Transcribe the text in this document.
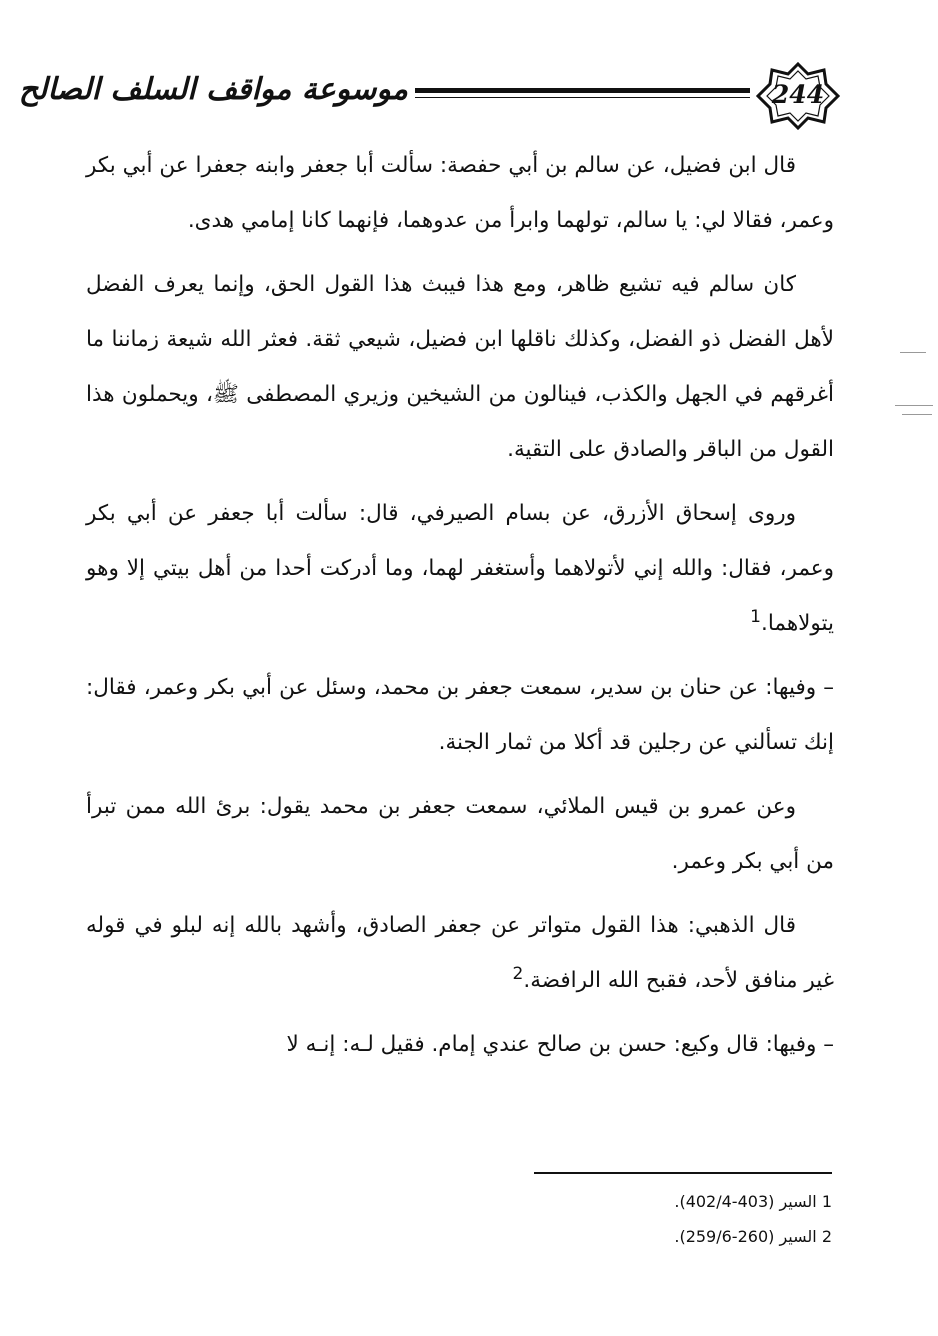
موسوعة مواقف السلف الصالح	244

قال ابن فضيل، عن سالم بن أبي حفصة: سألت أبا جعفر وابنه جعفرا عن أبي بكر وعمر، فقالا لي: يا سالم، تولهما وابرأ من عدوهما، فإنهما كانا إمامي هدى.

كان سالم فيه تشيع ظاهر، ومع هذا فيبث هذا القول الحق، وإنما يعرف الفضل لأهل الفضل ذو الفضل، وكذلك ناقلها ابن فضيل، شيعي ثقة. فعثر الله شيعة زماننا ما أغرقهم في الجهل والكذب، فينالون من الشيخين وزيري المصطفى ﷺ، ويحملون هذا القول من الباقر والصادق على التقية.

وروى إسحاق الأزرق، عن بسام الصيرفي، قال: سألت أبا جعفر عن أبي بكر وعمر، فقال: والله إني لأتولاهما وأستغفر لهما، وما أدركت أحدا من أهل بيتي إلا وهو يتولاهما.$^1$

– وفيها: عن حنان بن سدير، سمعت جعفر بن محمد، وسئل عن أبي بكر وعمر، فقال: إنك تسألني عن رجلين قد أكلا من ثمار الجنة.

وعن عمرو بن قيس الملائي، سمعت جعفر بن محمد يقول: برئ الله ممن تبرأ من أبي بكر وعمر.

قال الذهبي: هذا القول متواتر عن جعفر الصادق، وأشهد بالله إنه لبلو في قوله غير منافق لأحد، فقبح الله الرافضة.$^2$

– وفيها: قال وكيع: حسن بن صالح عندي إمام. فقيل لـه: إنـه لا

1 السير (403-402/4).
2 السير (260-259/6).
